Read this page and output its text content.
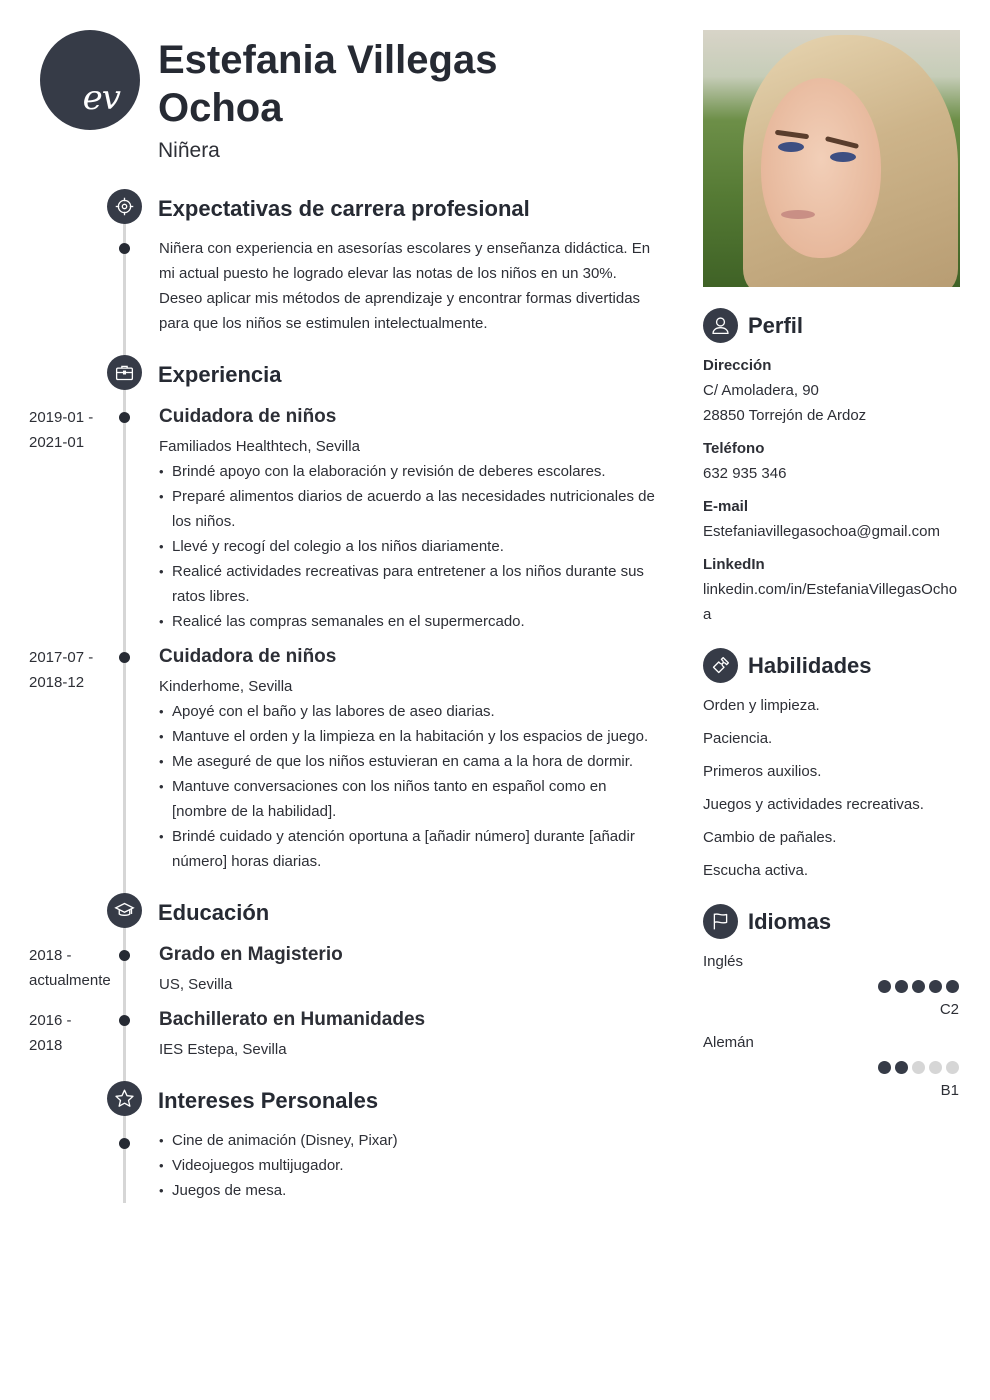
ev
Estefania Villegas Ochoa
Niñera
Expectativas de carrera profesional
Niñera con experiencia en asesorías escolares y enseñanza didáctica. En mi actual puesto he logrado elevar las notas de los niños en un 30%. Deseo aplicar mis métodos de aprendizaje y encontrar formas divertidas para que los niños se estimulen intelectualmente.
Experiencia
2019-01 -
2021-01
Cuidadora de niños
Familiados Healthtech, Sevilla
• Brindé apoyo con la elaboración y revisión de deberes escolares.
• Preparé alimentos diarios de acuerdo a las necesidades nutricionales de los niños.
• Llevé y recogí del colegio a los niños diariamente.
• Realicé actividades recreativas para entretener a los niños durante sus ratos libres.
• Realicé las compras semanales en el supermercado.
2017-07 -
2018-12
Cuidadora de niños
Kinderhome, Sevilla
• Apoyé con el baño y las labores de aseo diarias.
• Mantuve el orden y la limpieza en la habitación y los espacios de juego.
• Me aseguré de que los niños estuvieran en cama a la hora de dormir.
• Mantuve conversaciones con los niños tanto en español como en [nombre de la habilidad].
• Brindé cuidado y atención oportuna a [añadir número] durante [añadir número] horas diarias.
Educación
2018 -
actualmente
Grado en Magisterio
US, Sevilla
2016 -
2018
Bachillerato en Humanidades
IES Estepa, Sevilla
Intereses Personales
• Cine de animación (Disney, Pixar)
• Videojuegos multijugador.
• Juegos de mesa.
Perfil
Dirección
C/ Amoladera, 90
28850 Torrejón de Ardoz
Teléfono
632 935 346
E-mail
Estefaniavillegasochoa@gmail.com
LinkedIn
linkedin.com/in/EstefaniaVillegasOchoa
Habilidades
Orden y limpieza.
Paciencia.
Primeros auxilios.
Juegos y actividades recreativas.
Cambio de pañales.
Escucha activa.
Idiomas
Inglés
C2
Alemán
B1
